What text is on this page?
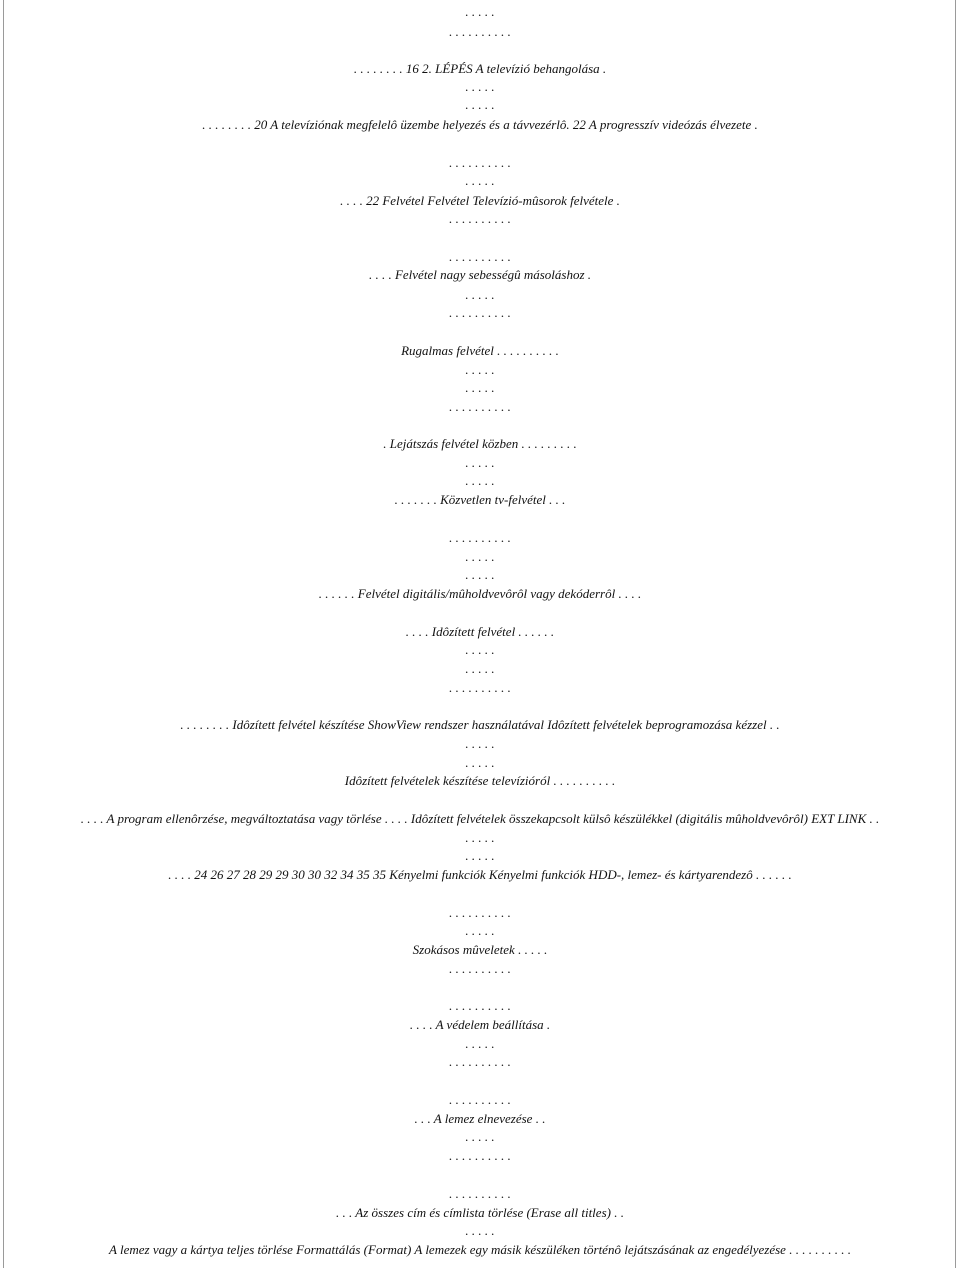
. . . . .
. . . . . . . . . .
. . . . . . . . 16 2. LÉPÉS A televízió behangolása .
. . . . .
. . . . .
. . . . . . . . 20 A televíziónak megfelelô üzembe helyezés és a távvezérlô. 22 A progresszív videózás élvezete .
. . . . . . . . . .
. . . . .
. . . . 22 Felvétel Felvétel Televízió-mûsorok felvétele .
. . . . . . . . . .
. . . . . . . . . .
. . . . Felvétel nagy sebességû másoláshoz .
. . . . .
. . . . . . . . . .
Rugalmas felvétel . . . . . . . . . .
. . . . .
. . . . .
. . . . . . . . . .
. Lejátszás felvétel közben . . . . . . . . .
. . . . .
. . . . .
. . . . . . . Közvetlen tv-felvétel . . .
. . . . . . . . . .
. . . . .
. . . . .
. . . . . . Felvétel digitális/mûholdvevôrôl vagy dekóderrôl . . . .
. . . . Idôzített felvétel . . . . . .
. . . . .
. . . . .
. . . . . . . . . .
. . . . . . . . Idôzített felvétel készítése ShowView rendszer használatával Idôzített felvételek beprogramozása kézzel . .
. . . . .
. . . . .
Idôzített felvételek készítése televízióról . . . . . . . . . .
. . . . A program ellenôrzése, megváltoztatása vagy törlése . . . . Idôzített felvételek összekapcsolt külsô készülékkel (digitális mûholdvevôrôl) EXT LINK . .
. . . . .
. . . . .
. . . . 24 26 27 28 29 29 30 30 32 34 35 35 Kényelmi funkciók Kényelmi funkciók HDD-, lemez- és kártyarendezô . . . . . .
. . . . . . . . . .
. . . . .
Szokásos mûveletek . . . . .
. . . . . . . . . .
. . . . . . . . . .
. . . . A védelem beállítása .
. . . . .
. . . . . . . . . .
. . . . . . . . . .
. . . A lemez elnevezése . .
. . . . .
. . . . . . . . . .
. . . . . . . . . .
. . . Az összes cím és címlista törlése (Erase all titles) . .
. . . . .
A lemez vagy a kártya teljes törlése Formattálás (Format) A lemezek egy másik készüléken történô lejátszásának az engedélyezése . . . . . . . . . .
